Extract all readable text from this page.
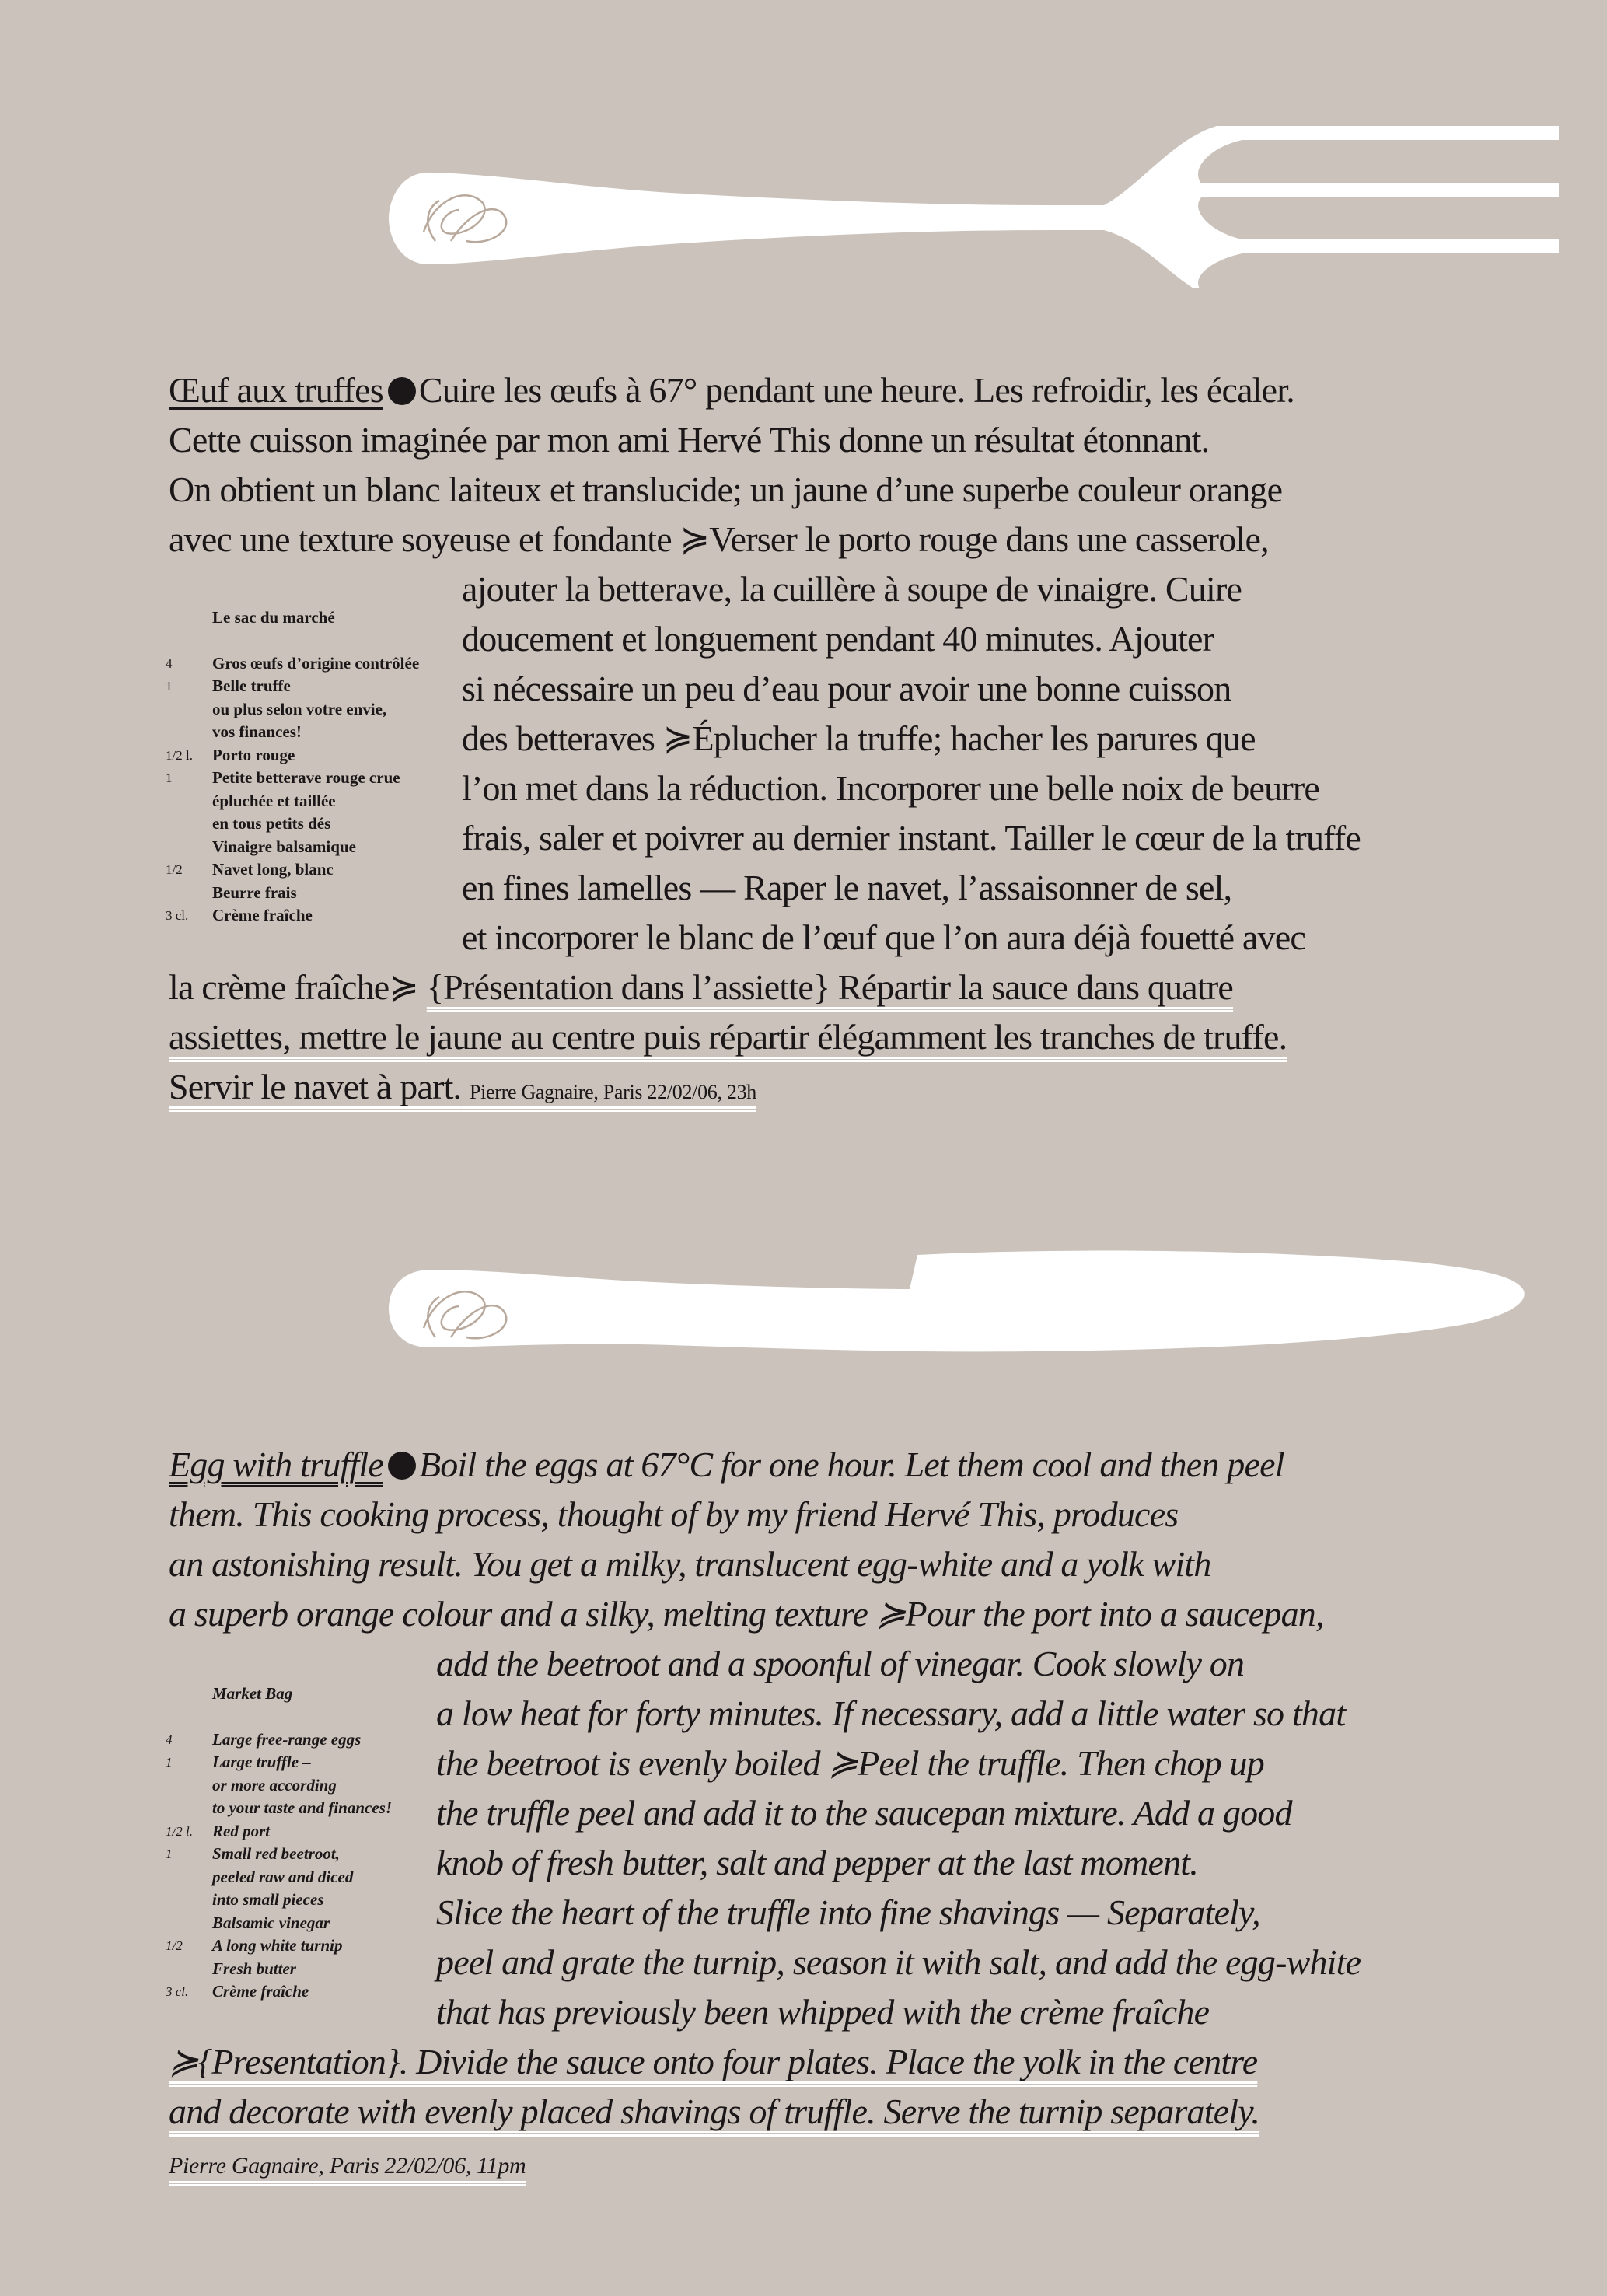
Œuf aux truffes Cuire les œufs à 67° pendant une heure. Les refroidir, les écaler.
Cette cuisson imaginée par mon ami Hervé This donne un résultat étonnant.
On obtient un blanc laiteux et translucide; un jaune d’une superbe couleur orange
avec une texture soyeuse et fondante ≽Verser le porto rouge dans une casserole,
ajouter la betterave, la cuillère à soupe de vinaigre. Cuire
doucement et longuement pendant 40 minutes. Ajouter
si nécessaire un peu d’eau pour avoir une bonne cuisson
des betteraves ≽Éplucher la truffe; hacher les parures que
l’on met dans la réduction. Incorporer une belle noix de beurre
frais, saler et poivrer au dernier instant. Tailler le cœur de la truffe
en fines lamelles — Raper le navet, l’assaisonner de sel,
et incorporer le blanc de l’œuf que l’on aura déjà fouetté avec
la crème fraîche≽ {Présentation dans l’assiette} Répartir la sauce dans quatre
assiettes, mettre le jaune au centre puis répartir élégamment les tranches de truffe.
Servir le navet à part. Pierre Gagnaire, Paris 22/02/06, 23h
Le sac du marché
4	Gros œufs d’origine contrôlée
1	Belle truffe
ou plus selon votre envie,
vos finances!
1/2 l.	Porto rouge
1	Petite betterave rouge crue
épluchée et taillée
en tous petits dés
Vinaigre balsamique
1/2	Navet long, blanc
Beurre frais
3 cl.	Crème fraîche
Egg with truffle Boil the eggs at 67°C for one hour. Let them cool and then peel
them. This cooking process, thought of by my friend Hervé This, produces
an astonishing result. You get a milky, translucent egg-white and a yolk with
a superb orange colour and a silky, melting texture ≽Pour the port into a saucepan,
add the beetroot and a spoonful of vinegar. Cook slowly on
a low heat for forty minutes. If necessary, add a little water so that
the beetroot is evenly boiled ≽Peel the truffle. Then chop up
the truffle peel and add it to the saucepan mixture. Add a good
knob of fresh butter, salt and pepper at the last moment.
Slice the heart of the truffle into fine shavings — Separately,
peel and grate the turnip, season it with salt, and add the egg-white
that has previously been whipped with the crème fraîche
≽{Presentation}. Divide the sauce onto four plates. Place the yolk in the centre
and decorate with evenly placed shavings of truffle. Serve the turnip separately.
Pierre Gagnaire, Paris 22/02/06, 11pm
Market Bag
4	Large free-range eggs
1	Large truffle –
or more according
to your taste and finances!
1/2 l.	Red port
1	Small red beetroot,
peeled raw and diced
into small pieces
Balsamic vinegar
1/2	A long white turnip
Fresh butter
3 cl.	Crème fraîche
